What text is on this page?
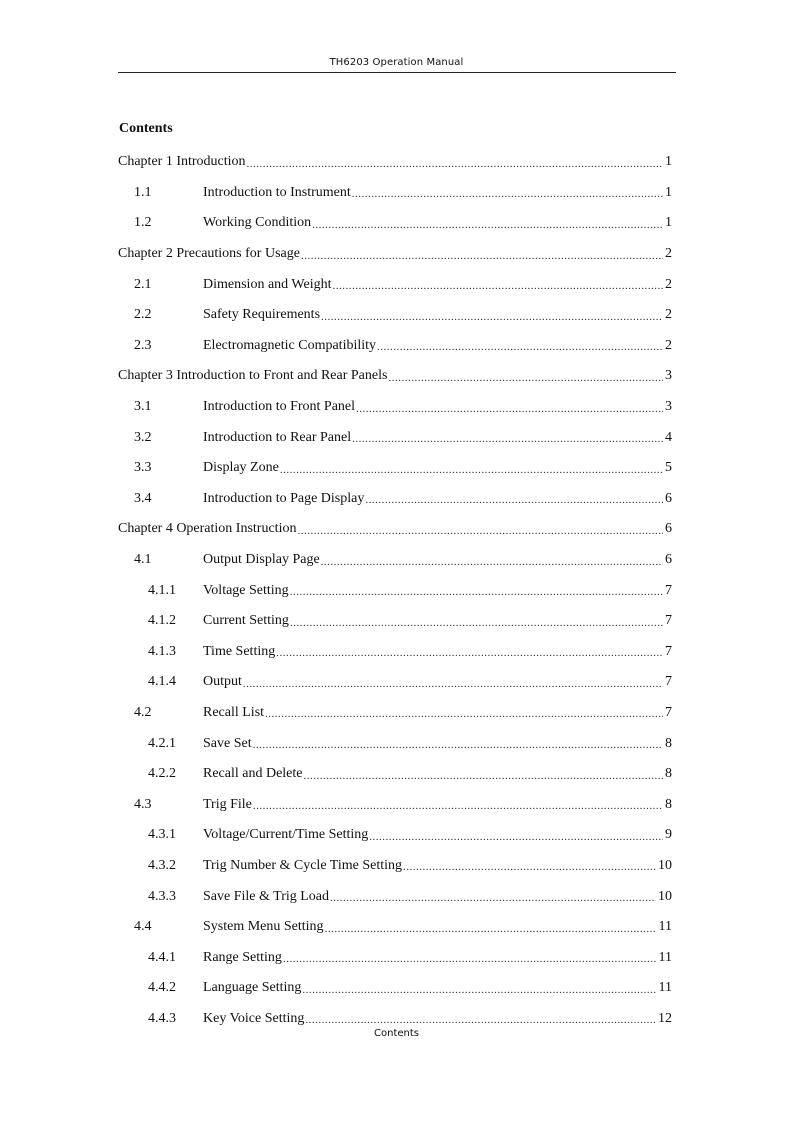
TH6203 Operation Manual
Contents
Chapter 1 Introduction .....	1
1.1	Introduction to Instrument .....	1
1.2	Working Condition .....	1
Chapter 2 Precautions for Usage .....	2
2.1	Dimension and Weight .....	2
2.2	Safety Requirements .....	2
2.3	Electromagnetic Compatibility .....	2
Chapter 3 Introduction to Front and Rear Panels .....	3
3.1	Introduction to Front Panel .....	3
3.2	Introduction to Rear Panel .....	4
3.3	Display Zone .....	5
3.4	Introduction to Page Display .....	6
Chapter 4 Operation Instruction .....	6
4.1	Output Display Page .....	6
4.1.1	Voltage Setting .....	7
4.1.2	Current Setting .....	7
4.1.3	Time Setting .....	7
4.1.4	Output .....	7
4.2	Recall List .....	7
4.2.1	Save Set .....	8
4.2.2	Recall and Delete .....	8
4.3	Trig File .....	8
4.3.1	Voltage/Current/Time Setting .....	9
4.3.2	Trig Number & Cycle Time Setting .....	10
4.3.3	Save File & Trig Load .....	10
4.4	System Menu Setting .....	11
4.4.1	Range Setting .....	11
4.4.2	Language Setting .....	11
4.4.3	Key Voice Setting .....	12
Contents
